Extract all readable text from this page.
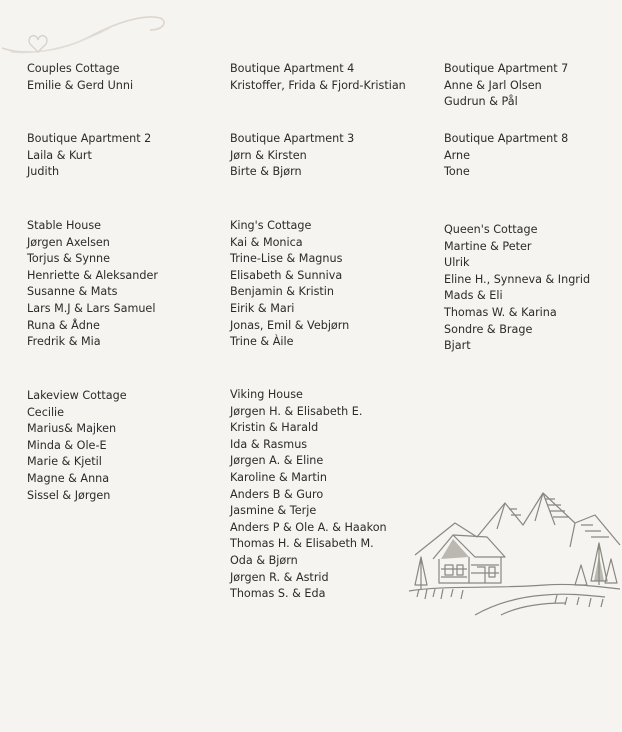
Couples Cottage
Emilie & Gerd Unni
Boutique Apartment 4
Kristoffer, Frida & Fjord-Kristian
Boutique Apartment 7
Anne & Jarl Olsen
Gudrun & Pål
Boutique Apartment 2
Laila & Kurt
Judith
Boutique Apartment 3
Jørn & Kirsten
Birte & Bjørn
Boutique Apartment 8
Arne
Tone
Stable House
Jørgen Axelsen
Torjus & Synne
Henriette & Aleksander
Susanne & Mats
Lars M.J & Lars Samuel
Runa & Ådne
Fredrik & Mia
King's Cottage
Kai & Monica
Trine-Lise & Magnus
Elisabeth & Sunniva
Benjamin & Kristin
Eirik & Mari
Jonas, Emil & Vebjørn
Trine & Àile
Queen's Cottage
Martine & Peter
Ulrik
Eline H., Synneva & Ingrid
Mads & Eli
Thomas W. & Karina
Sondre & Brage
Bjart
Lakeview Cottage
Cecilie
Marius& Majken
Minda & Ole-E
Marie & Kjetil
Magne & Anna
Sissel & Jørgen
Viking House
Jørgen H. & Elisabeth E.
Kristin & Harald
Ida & Rasmus
Jørgen A. & Eline
Karoline & Martin
Anders B & Guro
Jasmine & Terje
Anders P & Ole A. & Haakon
Thomas H. & Elisabeth M.
Oda & Bjørn
Jørgen R. & Astrid
Thomas S. & Eda
